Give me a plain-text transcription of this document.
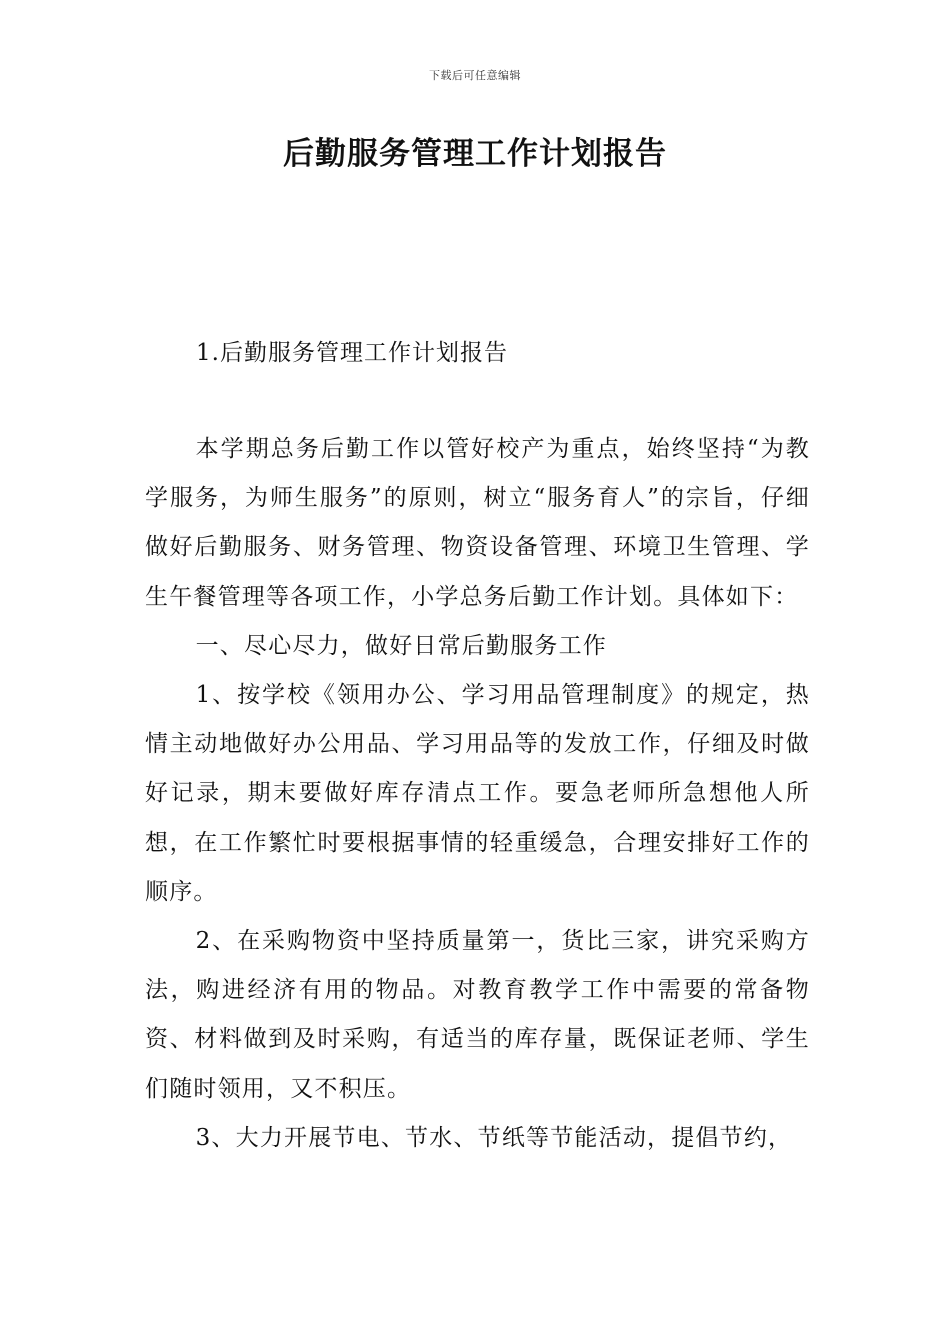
下载后可任意编辑
后勤服务管理工作计划报告
1.后勤服务管理工作计划报告

本学期总务后勤工作以管好校产为重点，始终坚持“为教学服务，为师生服务”的原则，树立“服务育人”的宗旨，仔细做好后勤服务、财务管理、物资设备管理、环境卫生管理、学生午餐管理等各项工作，小学总务后勤工作计划。具体如下：

一、尽心尽力，做好日常后勤服务工作

1、按学校《领用办公、学习用品管理制度》的规定，热情主动地做好办公用品、学习用品等的发放工作，仔细及时做好记录，期末要做好库存清点工作。要急老师所急想他人所想，在工作繁忙时要根据事情的轻重缓急，合理安排好工作的顺序。

2、在采购物资中坚持质量第一，货比三家，讲究采购方法，购进经济有用的物品。对教育教学工作中需要的常备物资、材料做到及时采购，有适当的库存量，既保证老师、学生们随时领用，又不积压。

3、大力开展节电、节水、节纸等节能活动，提倡节约，
